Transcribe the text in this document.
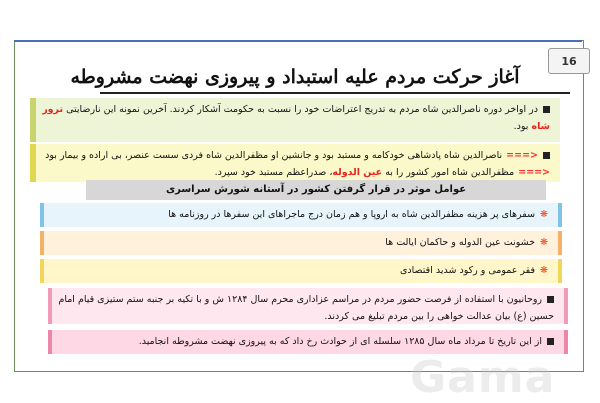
16
آغاز حرکت مردم علیه استبداد و پیروزی نهضت مشروطه
در اواخر دوره ناصرالدین شاه مردم به تدریج اعتراضات خود را نسبت به حکومت آشکار کردند. آخرین نمونه این نارضایتی ترور شاه بود.
<===ناصرالدین شاه پادشاهی خودکامه و مستبد بود و جانشین او مظفرالدین شاه فردی سست عنصر، بی اراده و بیمار بود
<===مظفرالدین شاه امور کشور را به عین الدوله، صدراعظم مستبد خود سپرد.
عوامل موثر در قرار گرفتن کشور در آستانه شورش سراسری
❋سفرهای پر هزینه مظفرالدین شاه به اروپا و هم زمان درج ماجراهای این سفرها در روزنامه ها
❋خشونت عین الدوله و حاکمان ایالت ها
❋فقر عمومی و رکود شدید اقتصادی
روحانیون با استفاده از فرصت حضور مردم در مراسم عزاداری محرم سال ۱۲۸۴ ش و با تکیه بر جنبه ستم ستیزی قیام امام
حسین (ع) بیان عدالت خواهی را بین مردم تبلیغ می کردند.
از این تاریخ تا مرداد ماه سال ۱۲۸۵ سلسله ای از حوادث رخ داد که به پیروزی نهضت مشروطه انجامید.
Gama
